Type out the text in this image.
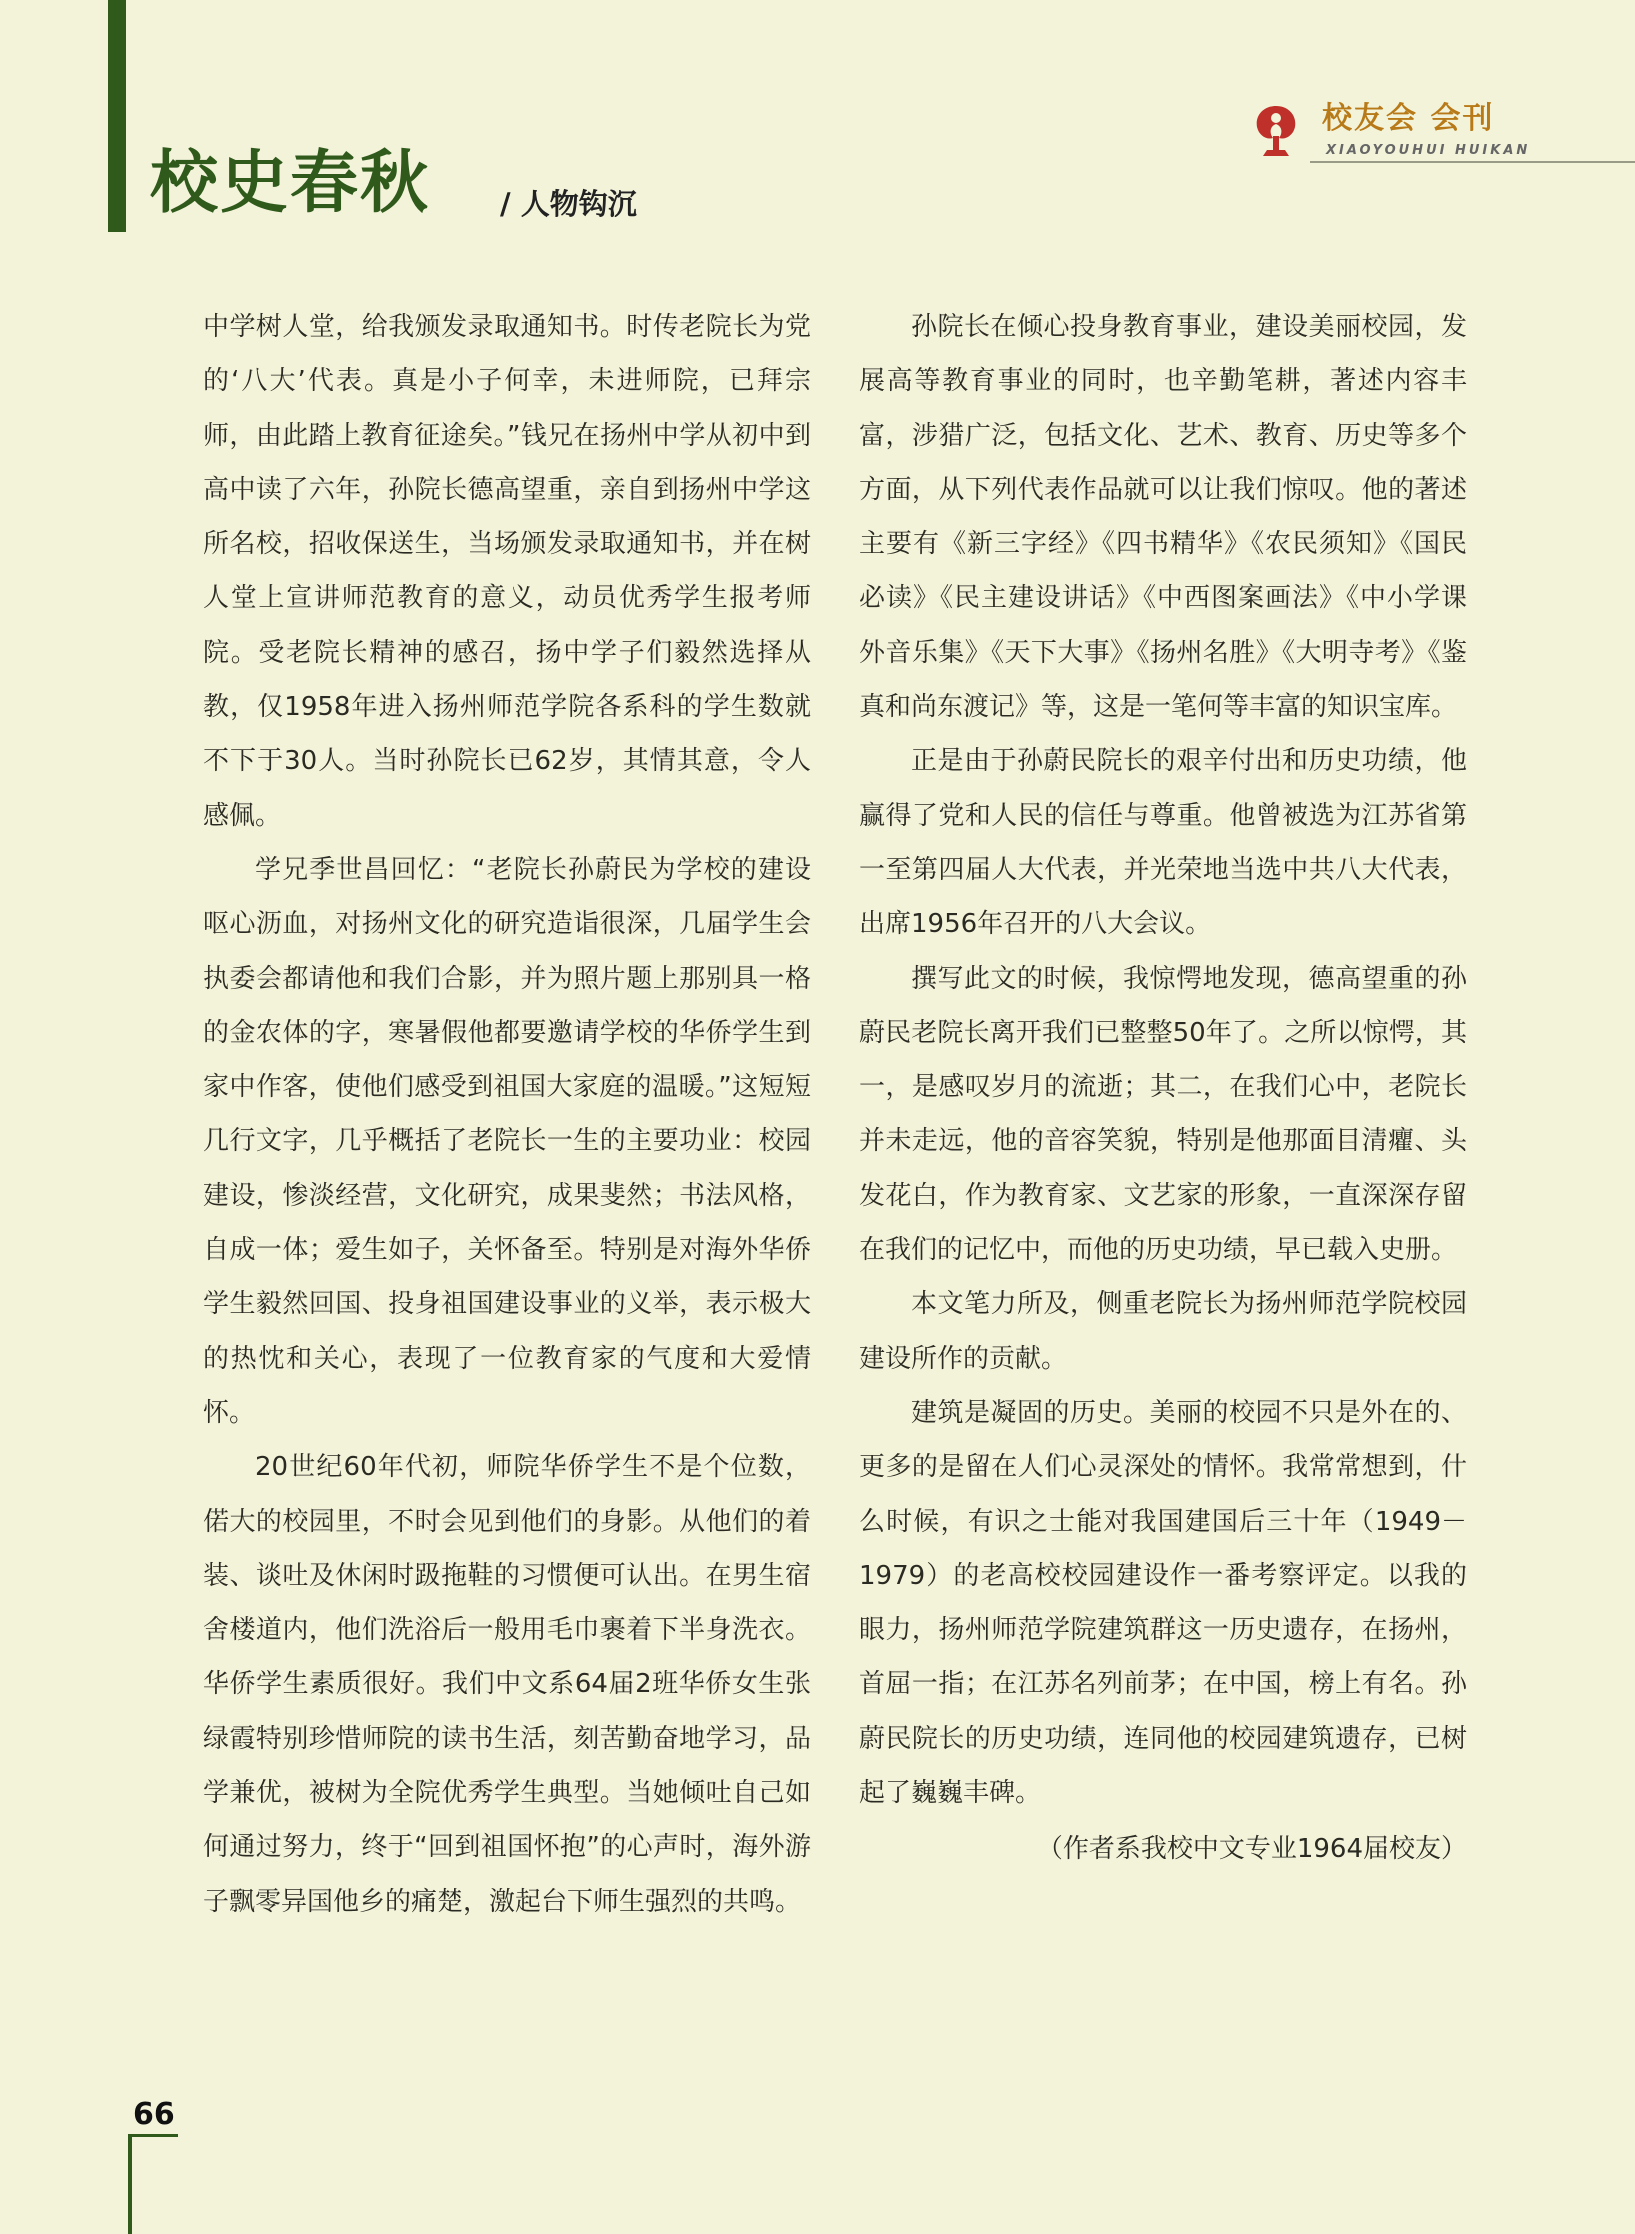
校史春秋 / 人物钩沉
校友会 会刊
XIAOYOUHUI HUIKAN

中学树人堂，给我颁发录取通知书。时传老院长为党的‘八大’代表。真是小子何幸，未进师院，已拜宗师，由此踏上教育征途矣。”钱兄在扬州中学从初中到高中读了六年，孙院长德高望重，亲自到扬州中学这所名校，招收保送生，当场颁发录取通知书，并在树人堂上宣讲师范教育的意义，动员优秀学生报考师院。受老院长精神的感召，扬中学子们毅然选择从教，仅1958年进入扬州师范学院各系科的学生数就不下于30人。当时孙院长已62岁，其情其意，令人感佩。

学兄季世昌回忆：“老院长孙蔚民为学校的建设呕心沥血，对扬州文化的研究造诣很深，几届学生会执委会都请他和我们合影，并为照片题上那别具一格的金农体的字，寒暑假他都要邀请学校的华侨学生到家中作客，使他们感受到祖国大家庭的温暖。”这短短几行文字，几乎概括了老院长一生的主要功业：校园建设，惨淡经营，文化研究，成果斐然；书法风格，自成一体；爱生如子，关怀备至。特别是对海外华侨学生毅然回国、投身祖国建设事业的义举，表示极大的热忱和关心，表现了一位教育家的气度和大爱情怀。

20世纪60年代初，师院华侨学生不是个位数，偌大的校园里，不时会见到他们的身影。从他们的着装、谈吐及休闲时趿拖鞋的习惯便可认出。在男生宿舍楼道内，他们洗浴后一般用毛巾裹着下半身洗衣。华侨学生素质很好。我们中文系64届2班华侨女生张绿霞特别珍惜师院的读书生活，刻苦勤奋地学习，品学兼优，被树为全院优秀学生典型。当她倾吐自己如何通过努力，终于“回到祖国怀抱”的心声时，海外游子飘零异国他乡的痛楚，激起台下师生强烈的共鸣。

孙院长在倾心投身教育事业，建设美丽校园，发展高等教育事业的同时，也辛勤笔耕，著述内容丰富，涉猎广泛，包括文化、艺术、教育、历史等多个方面，从下列代表作品就可以让我们惊叹。他的著述主要有《新三字经》《四书精华》《农民须知》《国民必读》《民主建设讲话》《中西图案画法》《中小学课外音乐集》《天下大事》《扬州名胜》《大明寺考》《鉴真和尚东渡记》等，这是一笔何等丰富的知识宝库。

正是由于孙蔚民院长的艰辛付出和历史功绩，他赢得了党和人民的信任与尊重。他曾被选为江苏省第一至第四届人大代表，并光荣地当选中共八大代表，出席1956年召开的八大会议。

撰写此文的时候，我惊愕地发现，德高望重的孙蔚民老院长离开我们已整整50年了。之所以惊愕，其一，是感叹岁月的流逝；其二，在我们心中，老院长并未走远，他的音容笑貌，特别是他那面目清癯、头发花白，作为教育家、文艺家的形象，一直深深存留在我们的记忆中，而他的历史功绩，早已载入史册。

本文笔力所及，侧重老院长为扬州师范学院校园建设所作的贡献。

建筑是凝固的历史。美丽的校园不只是外在的、更多的是留在人们心灵深处的情怀。我常常想到，什么时候，有识之士能对我国建国后三十年（1949－1979）的老高校校园建设作一番考察评定。以我的眼力，扬州师范学院建筑群这一历史遗存，在扬州，首屈一指；在江苏名列前茅；在中国，榜上有名。孙蔚民院长的历史功绩，连同他的校园建筑遗存，已树起了巍巍丰碑。

（作者系我校中文专业1964届校友）

66
